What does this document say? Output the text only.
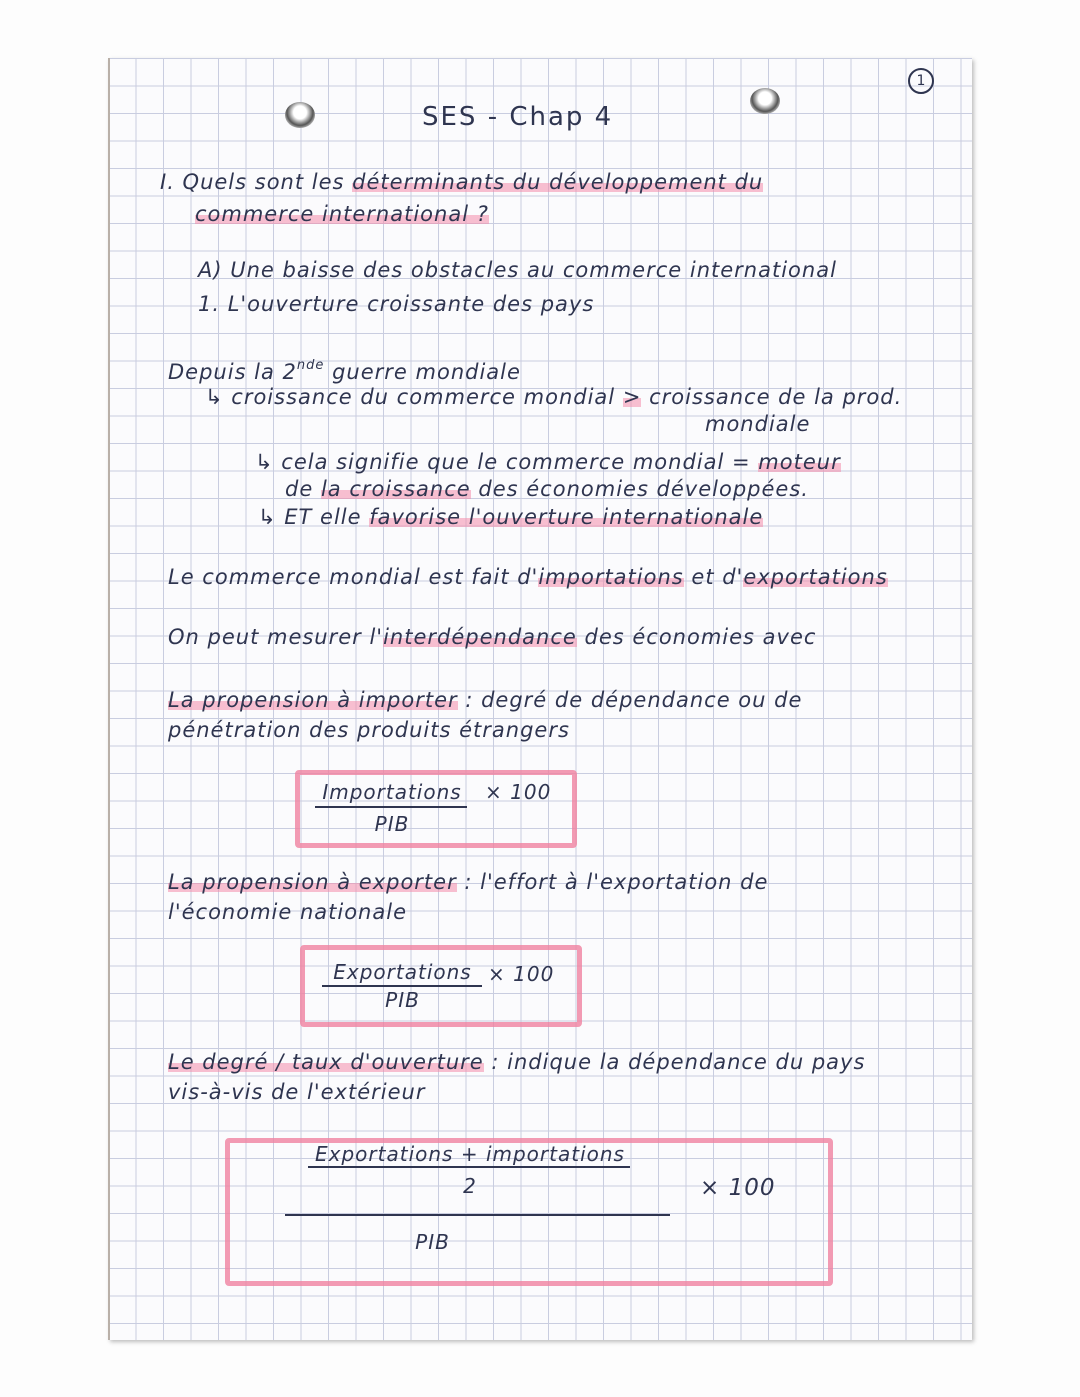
1
SES - Chap 4
I. Quels sont les déterminants du développement du
commerce international ?
A) Une baisse des obstacles au commerce international
1. L'ouverture croissante des pays
Depuis la 2nde guerre mondiale
↳ croissance du commerce mondial > croissance de la prod.
mondiale
↳ cela signifie que le commerce mondial = moteur
de la croissance des économies développées.
↳ ET elle favorise l'ouverture internationale
Le commerce mondial est fait d'importations et d'exportations
On peut mesurer l'interdépendance des économies avec
La propension à importer : degré de dépendance ou de
pénétration des produits étrangers
Importations
PIB
× 100
La propension à exporter : l'effort à l'exportation de
l'économie nationale
Exportations
PIB
× 100
Le degré / taux d'ouverture : indique la dépendance du pays
vis-à-vis de l'extérieur
Exportations + importations
2
PIB
× 100
